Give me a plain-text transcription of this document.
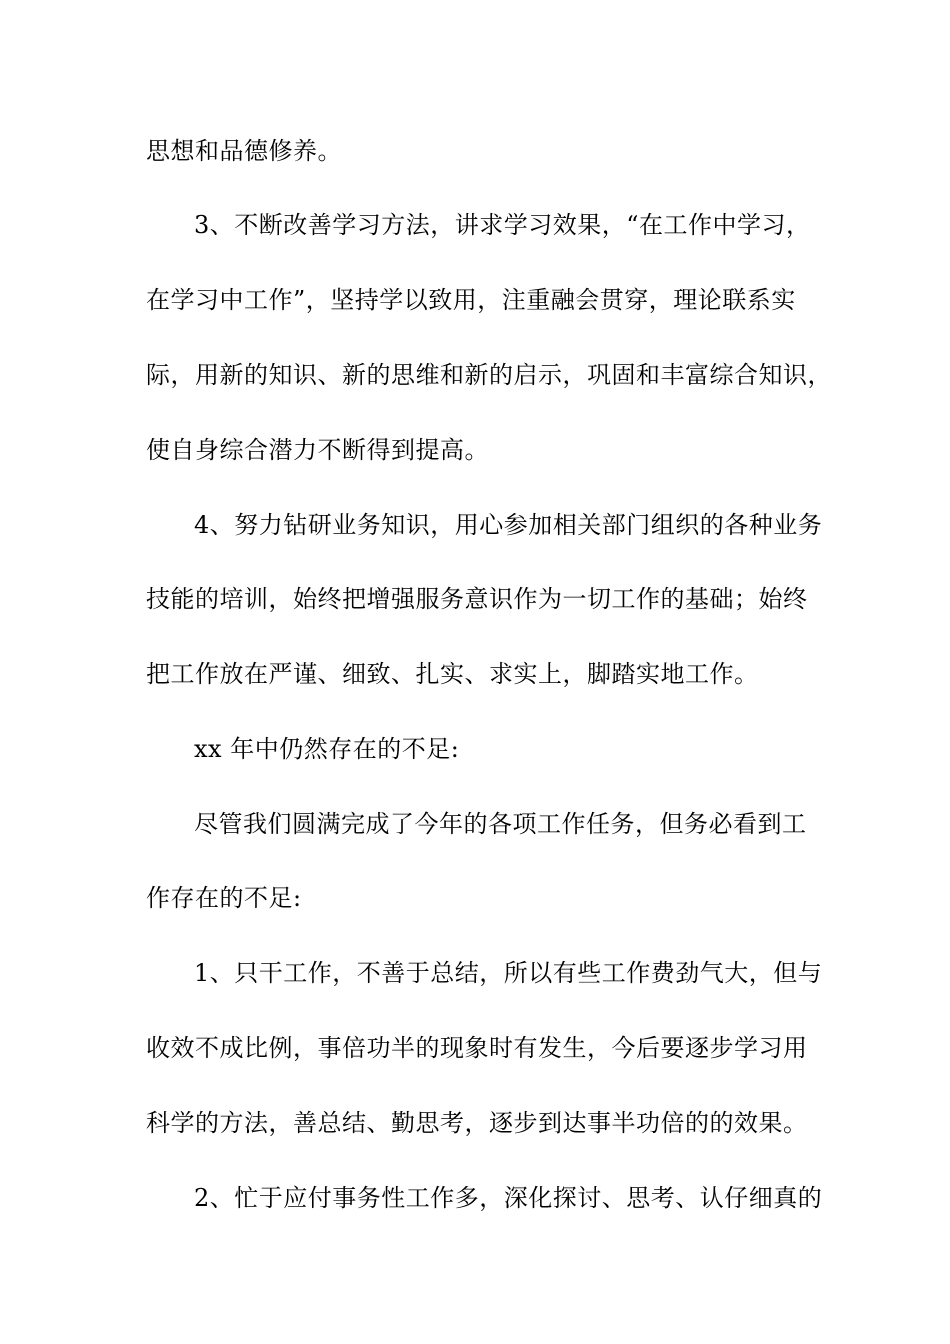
思想和品德修养。
3、不断改善学习方法，讲求学习效果，“在工作中学习，
在学习中工作”，坚持学以致用，注重融会贯穿，理论联系实
际，用新的知识、新的思维和新的启示，巩固和丰富综合知识，
使自身综合潜力不断得到提高。
4、努力钻研业务知识，用心参加相关部门组织的各种业务
技能的培训，始终把增强服务意识作为一切工作的基础；始终
把工作放在严谨、细致、扎实、求实上，脚踏实地工作。
xx 年中仍然存在的不足:
尽管我们圆满完成了今年的各项工作任务，但务必看到工
作存在的不足:
1、只干工作，不善于总结，所以有些工作费劲气大，但与
收效不成比例，事倍功半的现象时有发生，今后要逐步学习用
科学的方法，善总结、勤思考，逐步到达事半功倍的的效果。
2、忙于应付事务性工作多，深化探讨、思考、认仔细真的
